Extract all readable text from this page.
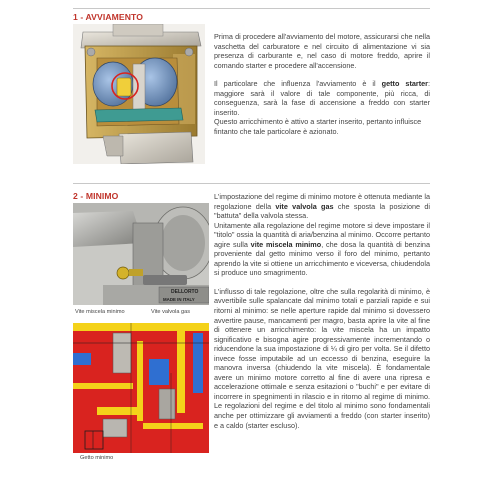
1 - AVVIAMENTO

Prima di procedere all'avviamento del motore, assicurarsi che nella vaschetta del carburatore e nel circuito di alimentazione vi sia presenza di carburante e, nel caso di motore freddo, aprire il comando starter e procedere all'accensione.

Il particolare che influenza l'avviamento è il getto starter: maggiore sarà il valore di tale componente, più ricca, di conseguenza, sarà la fase di accensione a freddo con starter inserito.

Questo arricchimento è attivo a starter inserito, pertanto influisce fintanto che tale particolare è azionato.

2 - MINIMO
DELLORTO
MADE IN ITALY
Vite miscela minimo	Vite valvola gas
Getto minimo

L'impostazione del regime di minimo motore è ottenuta mediante la regolazione della vite valvola gas che sposta la posizione di "battuta" della valvola stessa.

Unitamente alla regolazione del regime motore si deve impostare il "titolo" ossia la quantità di aria/benzina al minimo. Occorre pertanto agire sulla vite miscela minimo, che dosa la quantità di benzina proveniente dal getto minimo verso il foro del minimo, pertanto aprendo la vite si ottiene un arricchimento e viceversa, chiudendola si produce uno smagrimento.

L'influsso di tale regolazione, oltre che sulla regolarità di minimo, è avvertibile sulle spalancate dal minimo totali e parziali rapide e sui ritorni al minimo: se nelle aperture rapide dal minimo si dovessero avvertire pause, mancamenti per magro, basta aprire la vite al fine di ottenere un arricchimento: la vite miscela ha un impatto significativo e bisogna agire progressivamente incrementando o riducendone la sua impostazione di ¼ di giro per volta. Se il difetto invece fosse imputabile ad un eccesso di benzina, eseguire la manovra inversa (chiudendo la vite miscela). È fondamentale avere un minimo motore corretto al fine di avere una ripresa e accelerazione ottimale e senza esitazioni o "buchi" e per evitare di incorrere in spegnimenti in rilascio e in ritorno al regime di minimo. Le regolazioni del regime e del titolo al minimo sono fondamentali anche per ottimizzare gli avviamenti a freddo (con starter inserito) e a caldo (starter escluso).
